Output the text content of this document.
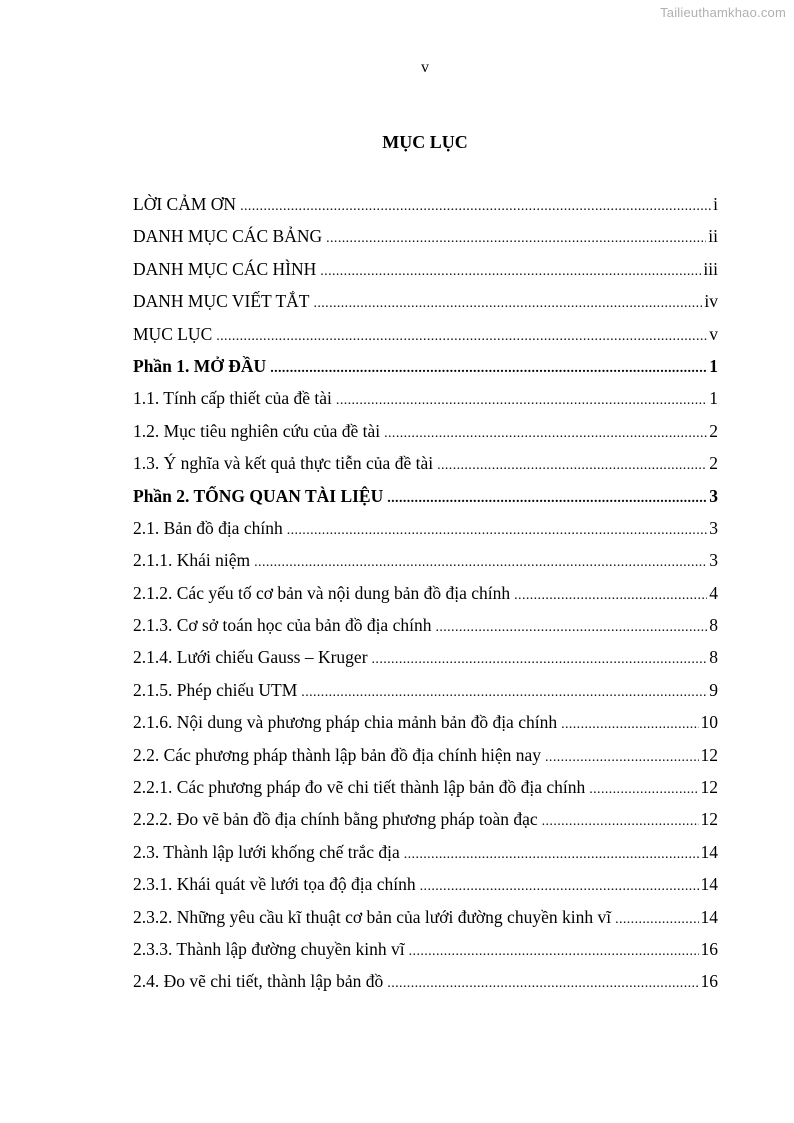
Tailieuthamkhao.com
v
MỤC LỤC
LỜI CẢM ƠN .....	i
DANH MỤC CÁC BẢNG .....	ii
DANH MỤC CÁC HÌNH .....	iii
DANH MỤC VIẾT TẮT .....	iv
MỤC LỤC .....	v
Phần 1. MỞ ĐẦU .....	1
1.1. Tính cấp thiết của đề tài .....	1
1.2. Mục tiêu nghiên cứu của đề tài .....	2
1.3. Ý nghĩa và kết quả thực tiễn của đề tài .....	2
Phần 2. TỔNG QUAN TÀI LIỆU .....	3
2.1. Bản đồ địa chính .....	3
2.1.1. Khái niệm .....	3
2.1.2. Các yếu tố cơ bản và nội dung bản đồ địa chính .....	4
2.1.3. Cơ sở toán học của bản đồ địa chính .....	8
2.1.4. Lưới chiếu Gauss – Kruger .....	8
2.1.5. Phép chiếu UTM .....	9
2.1.6. Nội dung và phương pháp chia mảnh bản đồ địa chính .....	10
2.2. Các phương pháp thành lập bản đồ địa chính hiện nay .....	12
2.2.1. Các phương pháp đo vẽ chi tiết thành lập bản đồ địa chính .....	12
2.2.2. Đo vẽ bản đồ địa chính bằng phương pháp toàn đạc .....	12
2.3. Thành lập lưới khống chế trắc địa .....	14
2.3.1. Khái quát về lưới tọa độ địa chính .....	14
2.3.2. Những yêu cầu kĩ thuật cơ bản của lưới đường chuyền kinh vĩ .....	14
2.3.3. Thành lập đường chuyền kinh vĩ .....	16
2.4. Đo vẽ chi tiết, thành lập bản đồ .....	16
